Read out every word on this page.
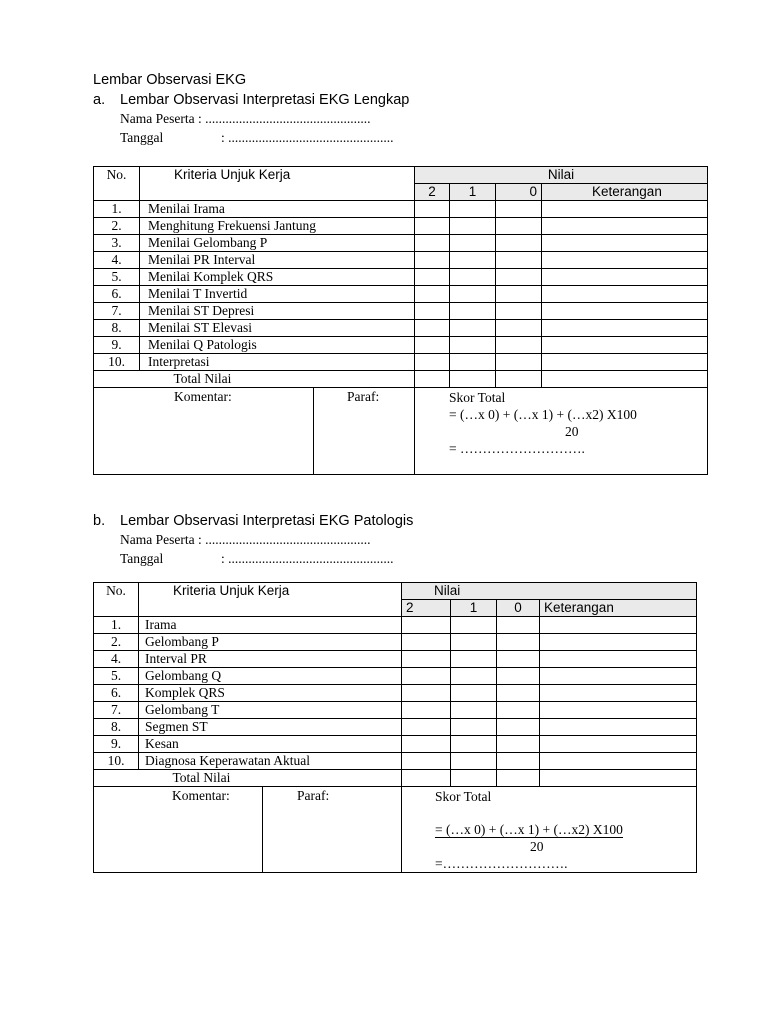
Lembar Observasi EKG
a. Lembar Observasi Interpretasi EKG Lengkap
Nama Peserta : .................................................
Tanggal	: .................................................
No.	Kriteria Unjuk Kerja		Nilai			
			2	1	0	Keterangan
1.	Menilai Irama					
2.	Menghitung Frekuensi Jantung					
3.	Menilai Gelombang P					
4.	Menilai PR Interval					
5.	Menilai Komplek QRS					
6.	Menilai T Invertid					
7.	Menilai ST Depresi					
8.	Menilai ST Elevasi					
9.	Menilai Q Patologis					
10.	Interpretasi					
	Total Nilai					
Komentar:		Paraf:	Skor Total
= (…x 0) + (…x 1) + (…x2) X100
20
= ……………………….			
b. Lembar Observasi Interpretasi EKG Patologis
Nama Peserta : .................................................
Tanggal	: .................................................
No.	Kriteria Unjuk Kerja		Nilai			
			2	1	0	Keterangan
1.	Irama					
2.	Gelombang P					
4.	Interval PR					
5.	Gelombang Q					
6.	Komplek QRS					
7.	Gelombang T					
8.	Segmen ST					
9.	Kesan					
10.	Diagnosa Keperawatan Aktual					
	Total Nilai					
Komentar:		Paraf:	Skor Total
= (…x 0) + (…x 1) + (…x2) X100
20
=……………………….			
